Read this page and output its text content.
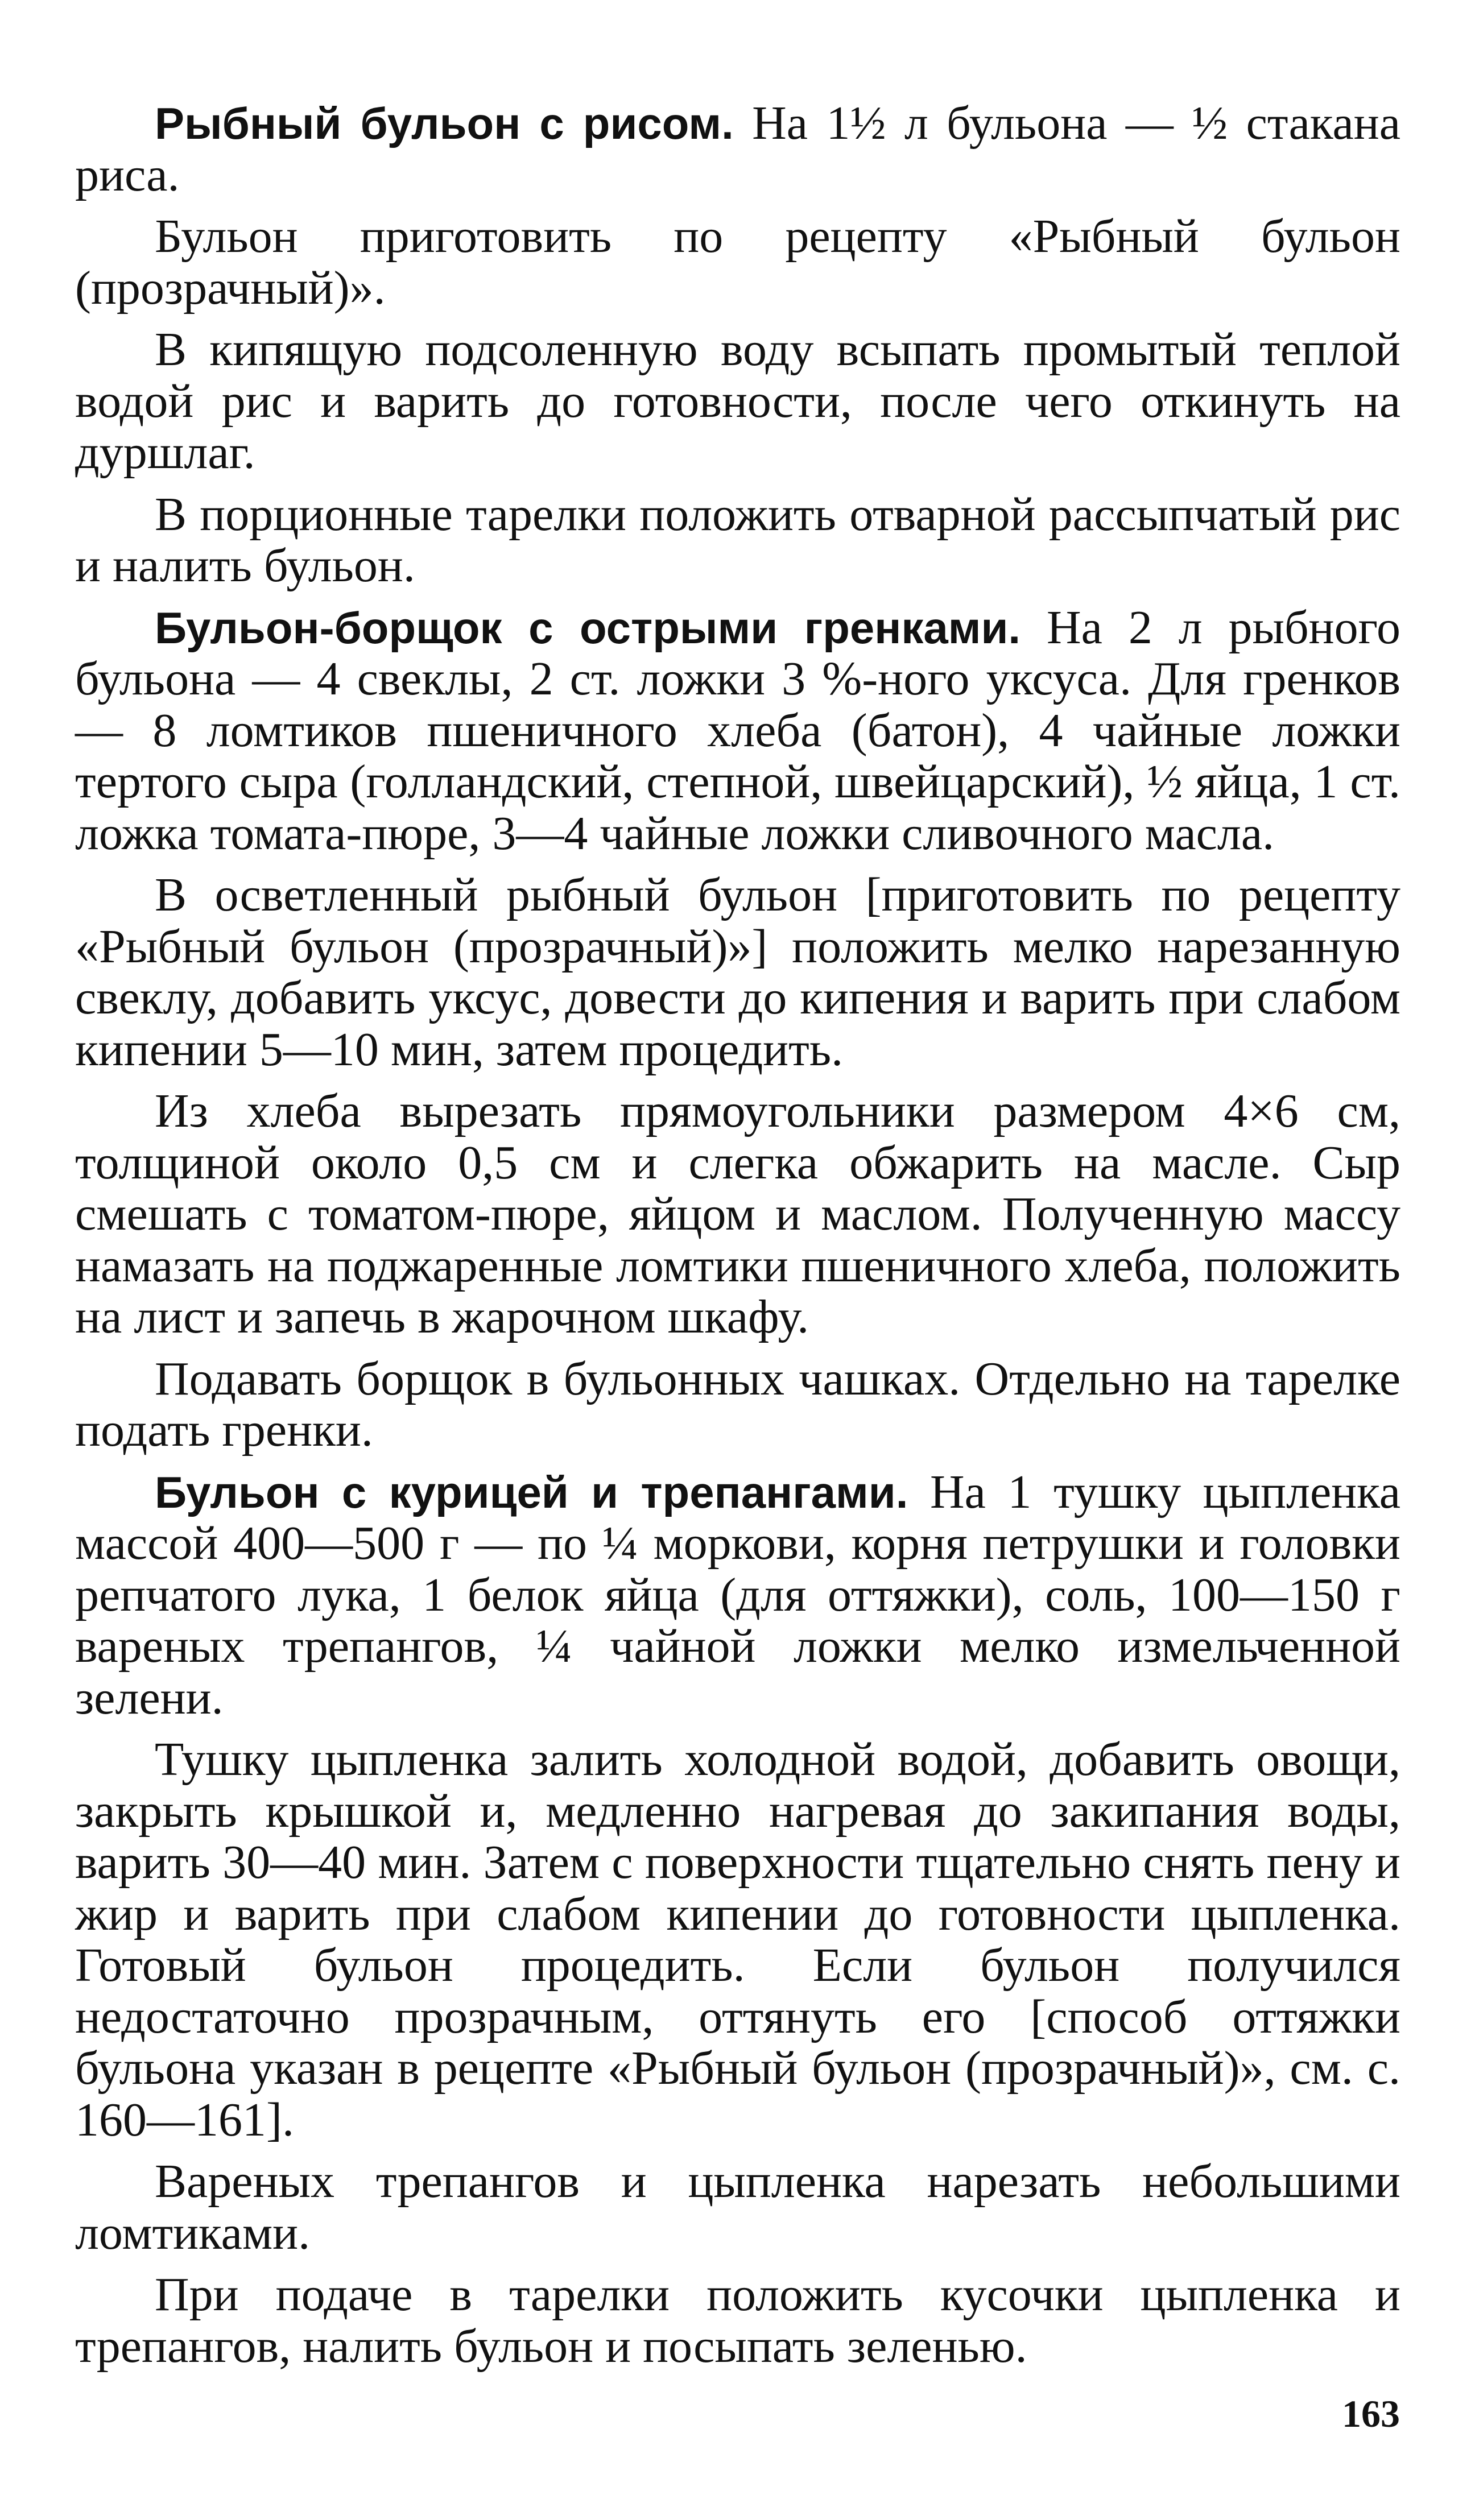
Рыбный бульон с рисом. На 1½ л бульона — ½ стакана риса.

Бульон приготовить по рецепту «Рыбный бульон (прозрачный)».

В кипящую подсоленную воду всыпать промытый теплой водой рис и варить до готовности, после чего откинуть на дуршлаг.

В порционные тарелки положить отварной рассыпчатый рис и налить бульон.

Бульон-борщок с острыми гренками. На 2 л рыбного бульона — 4 свеклы, 2 ст. ложки 3 %-ного уксуса. Для гренков — 8 ломтиков пшеничного хлеба (батон), 4 чайные ложки тертого сыра (голландский, степной, швейцарский), ½ яйца, 1 ст. ложка томата-пюре, 3—4 чайные ложки сливочного масла.

В осветленный рыбный бульон [приготовить по рецепту «Рыбный бульон (прозрачный)»] положить мелко нарезанную свеклу, добавить уксус, довести до кипения и варить при слабом кипении 5—10 мин, затем процедить.

Из хлеба вырезать прямоугольники размером 4×6 см, толщиной около 0,5 см и слегка обжарить на масле. Сыр смешать с томатом-пюре, яйцом и маслом. Полученную массу намазать на поджаренные ломтики пшеничного хлеба, положить на лист и запечь в жарочном шкафу.

Подавать борщок в бульонных чашках. Отдельно на тарелке подать гренки.

Бульон с курицей и трепангами. На 1 тушку цыпленка массой 400—500 г — по ¼ моркови, корня петрушки и головки репчатого лука, 1 белок яйца (для оттяжки), соль, 100—150 г вареных трепангов, ¼ чайной ложки мелко измельченной зелени.

Тушку цыпленка залить холодной водой, добавить овощи, закрыть крышкой и, медленно нагревая до закипания воды, варить 30—40 мин. Затем с поверхности тщательно снять пену и жир и варить при слабом кипении до готовности цыпленка. Готовый бульон процедить. Если бульон получился недостаточно прозрачным, оттянуть его [способ оттяжки бульона указан в рецепте «Рыбный бульон (прозрачный)», см. с. 160—161].

Вареных трепангов и цыпленка нарезать небольшими ломтиками.

При подаче в тарелки положить кусочки цыпленка и трепангов, налить бульон и посыпать зеленью.

163
